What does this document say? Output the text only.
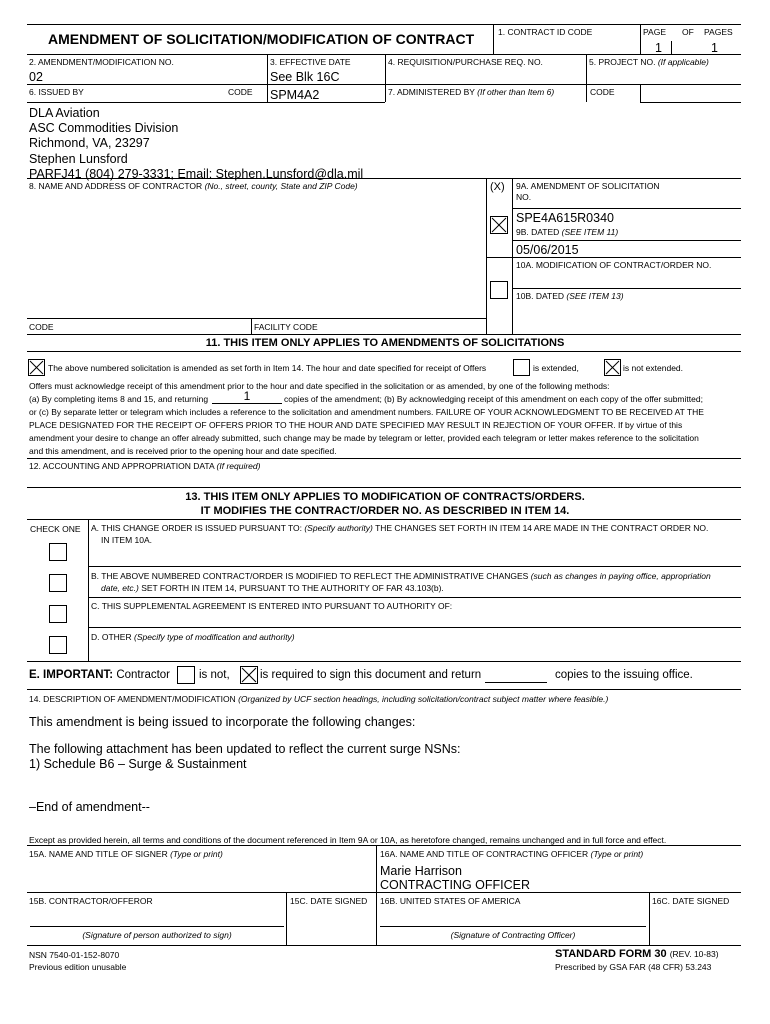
AMENDMENT OF SOLICITATION/MODIFICATION OF CONTRACT	1. CONTRACT ID CODE	PAGE OF PAGES
1	1
2. AMENDMENT/MODIFICATION NO.
02
3. EFFECTIVE DATE
See Blk 16C
4. REQUISITION/PURCHASE REQ. NO.	5. PROJECT NO. (If applicable)
6. ISSUED BY	CODE SPM4A2	7. ADMINISTERED BY (If other than Item 6)	CODE
DLA Aviation
ASC Commodities Division
Richmond, VA, 23297
Stephen Lunsford
PARFJ41 (804) 279-3331; Email: Stephen.Lunsford@dla.mil
8. NAME AND ADDRESS OF CONTRACTOR (No., street, county, State and ZIP Code)	(X) 9A. AMENDMENT OF SOLICITATION
NO.
SPE4A615R0340
9B. DATED (SEE ITEM 11)
05/06/2015
10A. MODIFICATION OF CONTRACT/ORDER NO.
10B. DATED (SEE ITEM 13)
CODE	FACILITY CODE
11. THIS ITEM ONLY APPLIES TO AMENDMENTS OF SOLICITATIONS
The above numbered solicitation is amended as set forth in Item 14. The hour and date specified for receipt of Offers	is extended,	is not extended.
Offers must acknowledge receipt of this amendment prior to the hour and date specified in the solicitation or as amended, by one of the following methods:
(a) By completing items 8 and 15, and returning	1	copies of the amendment; (b) By acknowledging receipt of this amendment on each copy of the offer submitted;
or (c) By separate letter or telegram which includes a reference to the solicitation and amendment numbers. FAILURE OF YOUR ACKNOWLEDGMENT TO BE RECEIVED AT THE
PLACE DESIGNATED FOR THE RECEIPT OF OFFERS PRIOR TO THE HOUR AND DATE SPECIFIED MAY RESULT IN REJECTION OF YOUR OFFER. If by virtue of this
amendment your desire to change an offer already submitted, such change may be made by telegram or letter, provided each telegram or letter makes reference to the solicitation
and this amendment, and is received prior to the opening hour and date specified.
12. ACCOUNTING AND APPROPRIATION DATA (If required)
13. THIS ITEM ONLY APPLIES TO MODIFICATION OF CONTRACTS/ORDERS.
IT MODIFIES THE CONTRACT/ORDER NO. AS DESCRIBED IN ITEM 14.
CHECK ONE A. THIS CHANGE ORDER IS ISSUED PURSUANT TO: (Specify authority) THE CHANGES SET FORTH IN ITEM 14 ARE MADE IN THE CONTRACT ORDER NO.
IN ITEM 10A.
B. THE ABOVE NUMBERED CONTRACT/ORDER IS MODIFIED TO REFLECT THE ADMINISTRATIVE CHANGES (such as changes in paying office, appropriation
date, etc.) SET FORTH IN ITEM 14, PURSUANT TO THE AUTHORITY OF FAR 43.103(b).
C. THIS SUPPLEMENTAL AGREEMENT IS ENTERED INTO PURSUANT TO AUTHORITY OF:
D. OTHER (Specify type of modification and authority)
E. IMPORTANT: Contractor	is not,	is required to sign this document and return	copies to the issuing office.
14. DESCRIPTION OF AMENDMENT/MODIFICATION (Organized by UCF section headings, including solicitation/contract subject matter where feasible.)
This amendment is being issued to incorporate the following changes:
The following attachment has been updated to reflect the current surge NSNs:
1) Schedule B6 – Surge & Sustainment
–End of amendment--
Except as provided herein, all terms and conditions of the document referenced in Item 9A or 10A, as heretofore changed, remains unchanged and in full force and effect.
15A. NAME AND TITLE OF SIGNER (Type or print)	16A. NAME AND TITLE OF CONTRACTING OFFICER (Type or print)
Marie Harrison
CONTRACTING OFFICER
15B. CONTRACTOR/OFFEROR	15C. DATE SIGNED 16B. UNITED STATES OF AMERICA	16C. DATE SIGNED
(Signature of person authorized to sign)	(Signature of Contracting Officer)
NSN 7540-01-152-8070
Previous edition unusable
STANDARD FORM 30 (REV. 10-83)
Prescribed by GSA FAR (48 CFR) 53.243
